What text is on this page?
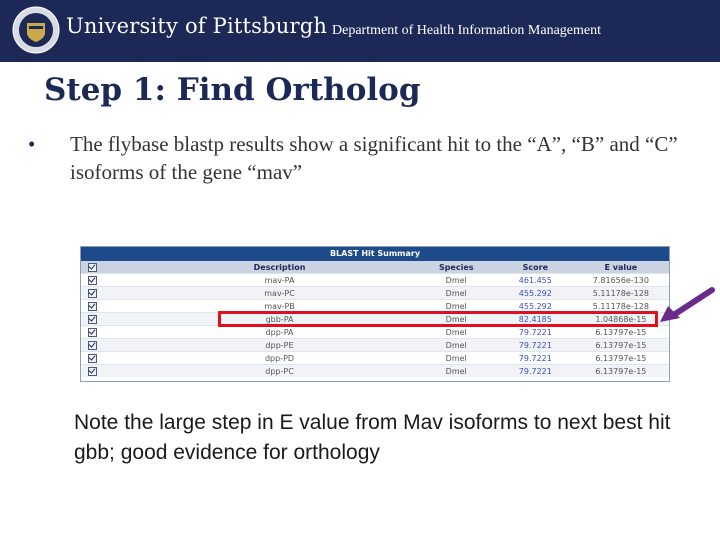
University of Pittsburgh Department of Health Information Management
Step 1: Find Ortholog
• The flybase blastp results show a significant hit to the “A”, “B” and “C” isoforms of the gene “mav”
BLAST Hit Summary
	Description	Species	Score	E value
	mav-PA	Dmel	461.455	7.81656e-130
	mav-PC	Dmel	455.292	5.11178e-128
	mav-PB	Dmel	455.292	5.11178e-128
	gbb-PA	Dmel	82.4185	1.04868e-15
	dpp-PA	Dmel	79.7221	6.13797e-15
	dpp-PE	Dmel	79.7221	6.13797e-15
	dpp-PD	Dmel	79.7221	6.13797e-15
	dpp-PC	Dmel	79.7221	6.13797e-15
Note the large step in E value from Mav isoforms to next best hit gbb; good evidence for orthology
